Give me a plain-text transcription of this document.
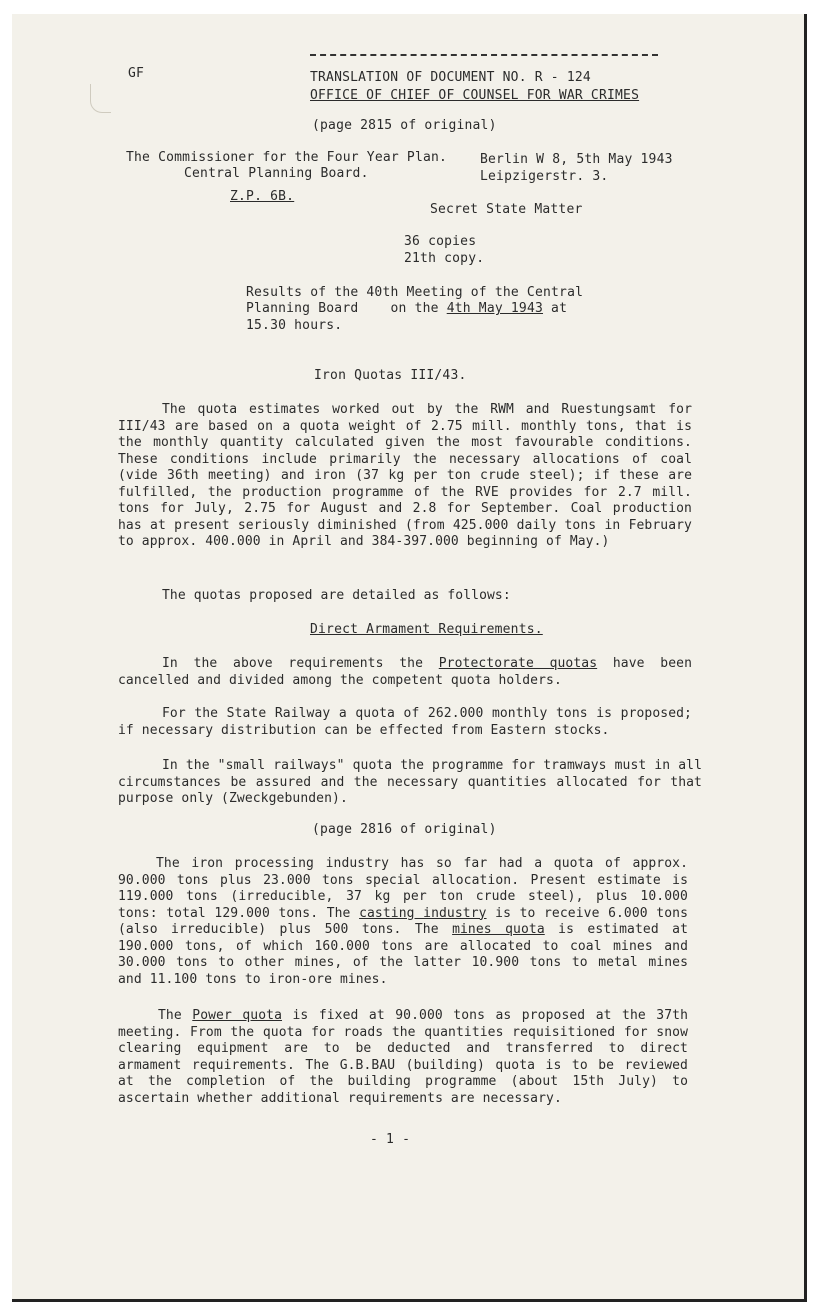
GF	TRANSLATION OF DOCUMENT NO. R - 124
OFFICE OF CHIEF OF COUNSEL FOR WAR CRIMES
(page 2815 of original)
The Commissioner for the Four Year Plan.
Central Planning Board.
Z.P. 6B.
Berlin W 8, 5th May 1943
Leipzigerstr. 3.
Secret State Matter
36 copies
21th copy.
Results of the 40th Meeting of the Central
Planning Board on the 4th May 1943 at
15.30 hours.
Iron Quotas III/43.
The quota estimates worked out by the RWM and Ruestungsamt for III/43 are based on a quota weight of 2.75 mill. monthly tons, that is the monthly quantity calculated given the most favourable conditions. These conditions include primarily the necessary allocations of coal (vide 36th meeting) and iron (37 kg per ton crude steel); if these are fulfilled, the production programme of the RVE provides for 2.7 mill. tons for July, 2.75 for August and 2.8 for September. Coal production has at present seriously diminished (from 425.000 daily tons in February to approx. 400.000 in April and 384-397.000 beginning of May.)
The quotas proposed are detailed as follows:
Direct Armament Requirements.
In the above requirements the Protectorate quotas have been cancelled and divided among the competent quota holders.
For the State Railway a quota of 262.000 monthly tons is proposed; if necessary distribution can be effected from Eastern stocks.
In the "small railways" quota the programme for tramways must in all circumstances be assured and the necessary quantities allocated for that purpose only (Zweckgebunden).
(page 2816 of original)
The iron processing industry has so far had a quota of approx. 90.000 tons plus 23.000 tons special allocation. Present estimate is 119.000 tons (irreducible, 37 kg per ton crude steel), plus 10.000 tons: total 129.000 tons. The casting industry is to receive 6.000 tons (also irreducible) plus 500 tons. The mines quota is estimated at 190.000 tons, of which 160.000 tons are allocated to coal mines and 30.000 tons to other mines, of the latter 10.900 tons to metal mines and 11.100 tons to iron-ore mines.
The Power quota is fixed at 90.000 tons as proposed at the 37th meeting. From the quota for roads the quantities requisitioned for snow clearing equipment are to be deducted and transferred to direct armament requirements. The G.B.BAU (building) quota is to be reviewed at the completion of the building programme (about 15th July) to ascertain whether additional requirements are necessary.
- 1 -
